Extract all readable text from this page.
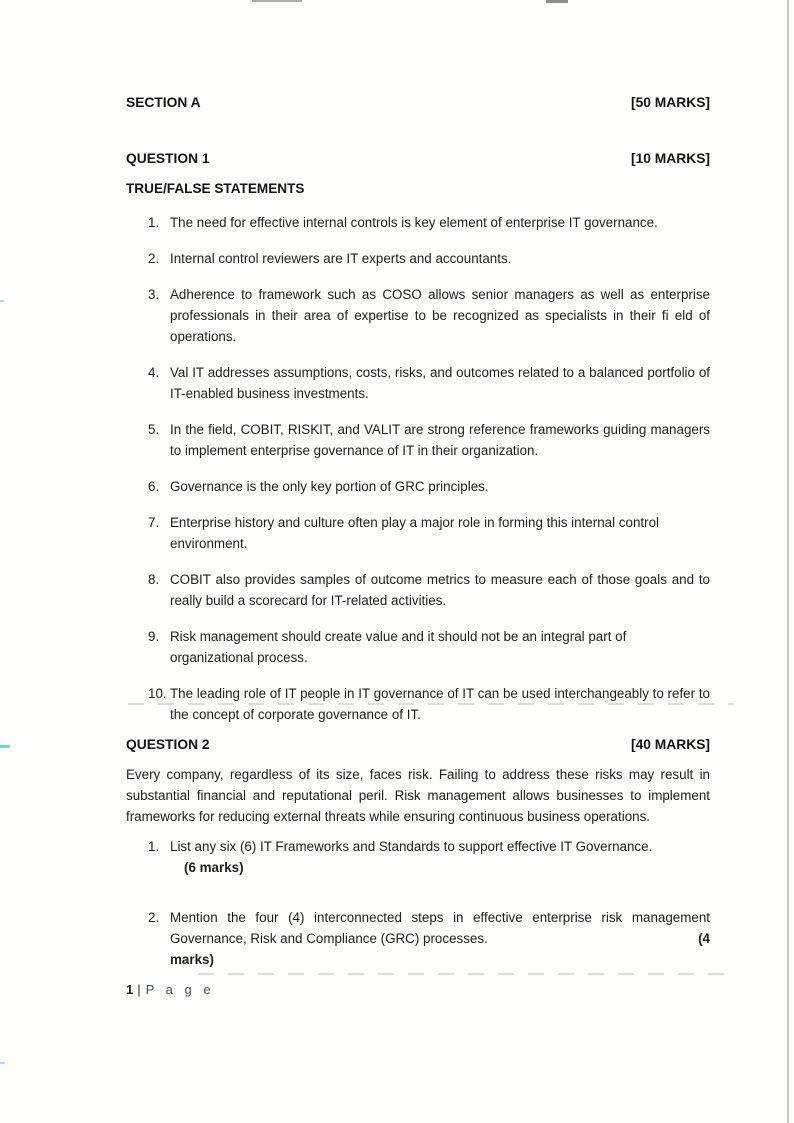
SECTION A	[50 MARKS]
QUESTION 1	[10 MARKS]
TRUE/FALSE STATEMENTS
1. The need for effective internal controls is key element of enterprise IT governance.
2. Internal control reviewers are IT experts and accountants.
3. Adherence to framework such as COSO allows senior managers as well as enterprise professionals in their area of expertise to be recognized as specialists in their fi eld of operations.
4. Val IT addresses assumptions, costs, risks, and outcomes related to a balanced portfolio of IT-enabled business investments.
5. In the field, COBIT, RISKIT, and VALIT are strong reference frameworks guiding managers to implement enterprise governance of IT in their organization.
6. Governance is the only key portion of GRC principles.
7. Enterprise history and culture often play a major role in forming this internal control environment.
8. COBIT also provides samples of outcome metrics to measure each of those goals and to really build a scorecard for IT-related activities.
9. Risk management should create value and it should not be an integral part of organizational process.
10. The leading role of IT people in IT governance of IT can be used interchangeably to refer to the concept of corporate governance of IT.
QUESTION 2	[40 MARKS]
Every company, regardless of its size, faces risk. Failing to address these risks may result in substantial financial and reputational peril. Risk management allows businesses to implement frameworks for reducing external threats while ensuring continuous business operations.
1. List any six (6) IT Frameworks and Standards to support effective IT Governance.(6 marks)
2. Mention the four (4) interconnected steps in effective enterprise risk management Governance, Risk and Compliance (GRC) processes.	(4
marks)
1 | P a g e
